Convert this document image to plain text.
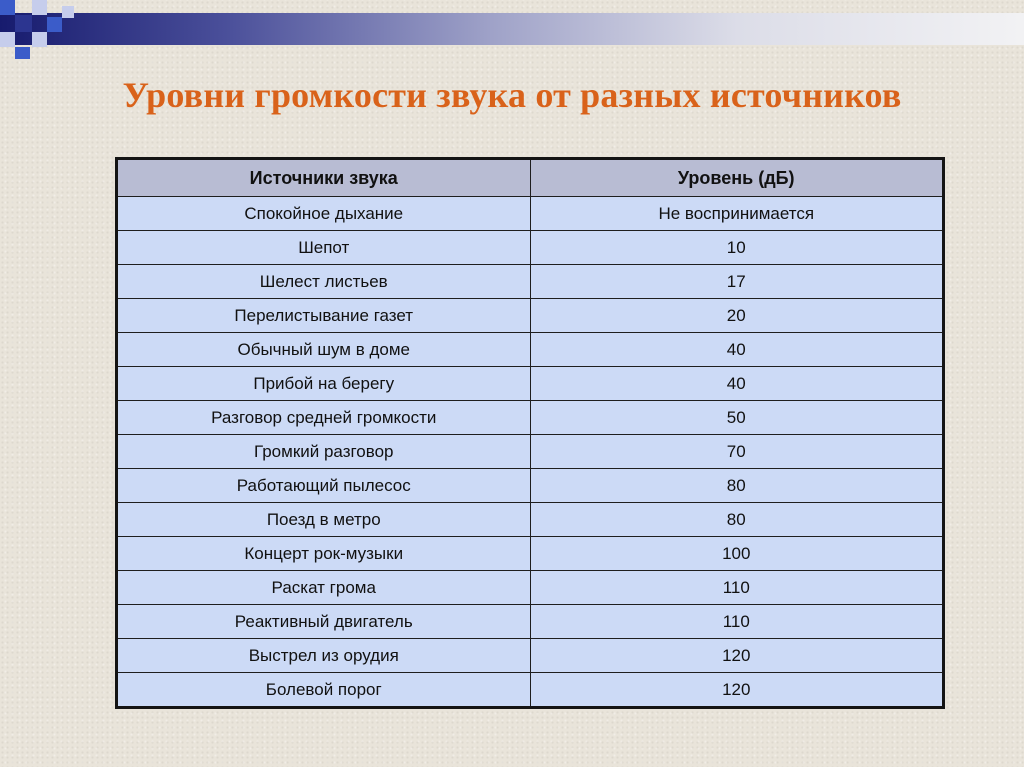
Уровни громкости звука от разных источников
Источники звука	Уровень (дБ)
Спокойное дыхание	Не воспринимается
Шепот	10
Шелест листьев	17
Перелистывание газет	20
Обычный шум в доме	40
Прибой на берегу	40
Разговор средней громкости	50
Громкий разговор	70
Работающий пылесос	80
Поезд в метро	80
Концерт рок-музыки	100
Раскат грома	110
Реактивный двигатель	110
Выстрел из орудия	120
Болевой порог	120
